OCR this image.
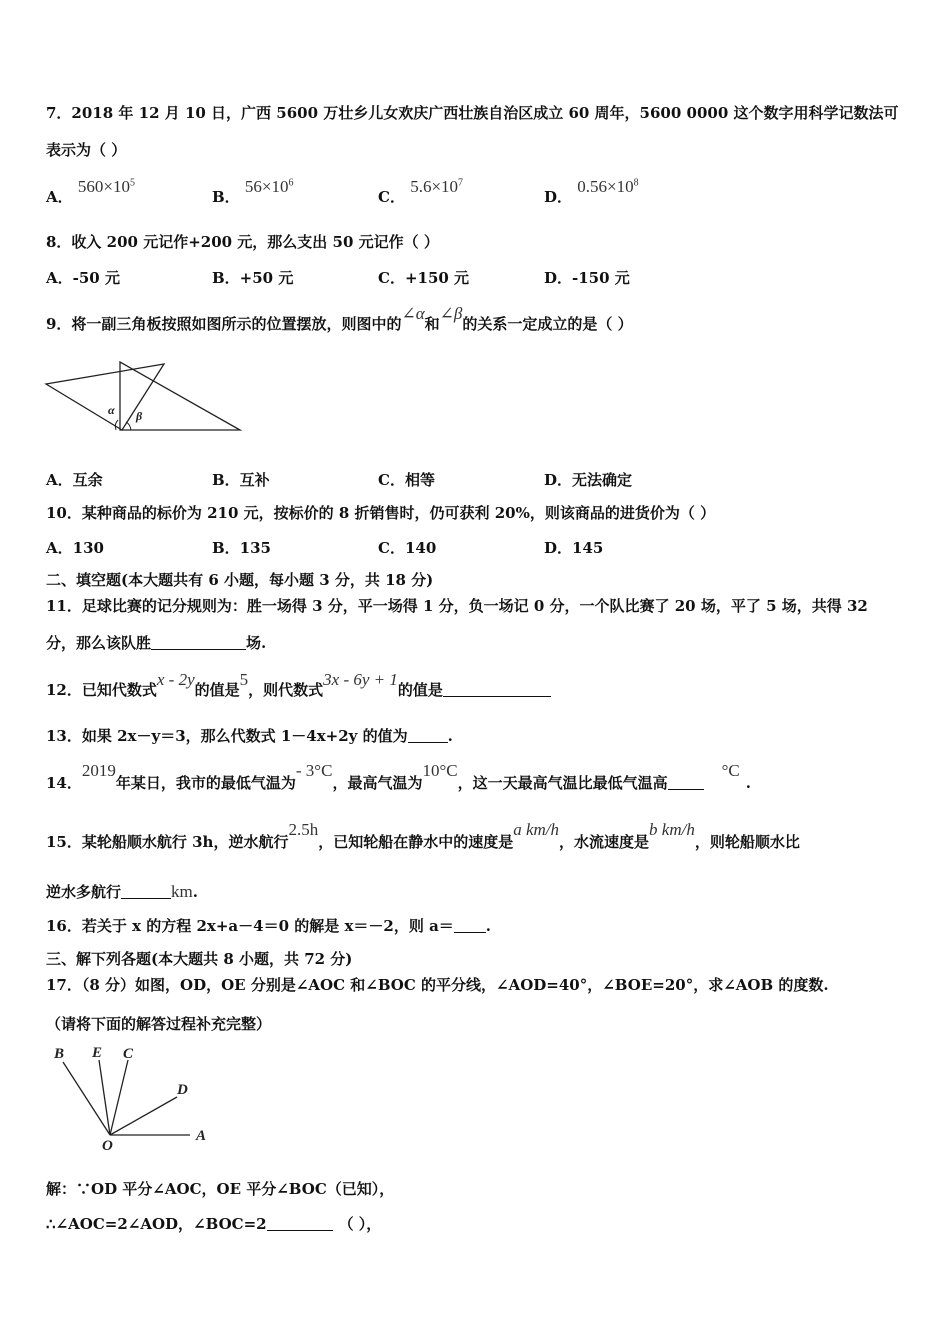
7．2018 年 12 月 10 日，广西 5600 万壮乡儿女欢庆广西壮族自治区成立 60 周年，5600 0000 这个数字用科学记数法可
表示为（ ）
A． $560\times 10^5$
B． $56\times 10^6$
C． $5.6\times 10^7$
D． $0.56\times 10^8$
8．收入 200 元记作+200 元，那么支出 50 元记作（ ）
A．-50 元	B．+50 元	C．+150 元	D．-150 元
9．将一副三角板按照如图所示的位置摆放，则图中的∠α和∠β的关系一定成立的是（ ）
α β
A．互余	B．互补	C．相等	D．无法确定
10．某种商品的标价为 210 元，按标价的 8 折销售时，仍可获利 20%，则该商品的进货价为（ ）
A．130	B．135	C．140	D．145
二、填空题(本大题共有 6 小题，每小题 3 分，共 18 分)
11．足球比赛的记分规则为：胜一场得 3 分，平一场得 1 分，负一场记 0 分，一个队比赛了 20 场，平了 5 场，共得 32
分，那么该队胜	场.
12．已知代数式x - 2y的值是5，则代数式3x - 6y + 1的值是
13．如果 2x－y＝3，那么代数式 1－4x+2y 的值为	.
14．2019年某日，我市的最低气温为- 3°C，最高气温为10°C，这一天最高气温比最低气温高°C.
15．某轮船顺水航行 3h，逆水航行2.5h，已知轮船在静水中的速度是a km/h，水流速度是b km/h，则轮船顺水比
逆水多航行	km.
16．若关于 x 的方程 2x+a－4＝0 的解是 x＝－2，则 a＝ .
三、解下列各题(本大题共 8 小题，共 72 分)
17．（8 分）如图，OD，OE 分别是∠AOC 和∠BOC 的平分线，∠AOD=40°，∠BOE=20°，求∠AOB 的度数.
（请将下面的解答过程补充完整）
B E C
D
O
A
解：∵OD 平分∠AOC，OE 平分∠BOC（已知），
∴∠AOC=2∠AOD，∠BOC=2	（ ），
